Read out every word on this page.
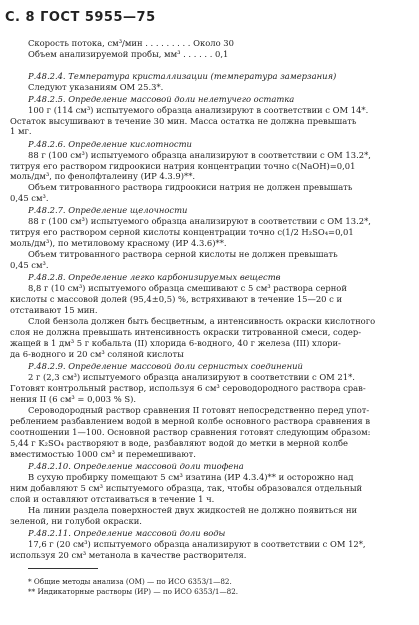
С. 8 ГОСТ 5955—75
Скорость потока, см³/мин . . . . . . . . . Около 30
Объем анализируемой пробы, мм³ . . . . . . 0,1
Р.48.2.4. Температура кристаллизации (температура замерзания)
Следуют указаниям ОМ 25.3*.
Р.48.2.5. Определение массовой доли нелетучего остатка
100 г (114 см³) испытуемого образца анализируют в соответствии с ОМ 14*.
Остаток высушивают в течение 30 мин. Масса остатка не должна превышать
1 мг.
Р.48.2.6. Определение кислотности
88 г (100 см³) испытуемого образца анализируют в соответствии с ОМ 13.2*,
титруя его раствором гидроокиси натрия концентрации точно c(NaOH)=0,01
моль/дм³, по фенолфталеину (ИР 4.3.9)**.
Объем титрованного раствора гидроокиси натрия не должен превышать
0,45 см³.
Р.48.2.7. Определение щелочности
88 г (100 см³) испытуемого образца анализируют в соответствии с ОМ 13.2*,
титруя его раствором серной кислоты концентрации точно c(1/2 H₂SO₄=0,01
моль/дм³), по метиловому красному (ИР 4.3.6)**.
Объем титрованного раствора серной кислоты не должен превышать
0,45 см³.
Р.48.2.8. Определение легко карбонизируемых веществ
8,8 г (10 см³) испытуемого образца смешивают с 5 см³ раствора серной
кислоты с массовой долей (95,4±0,5) %, встряхивают в течение 15—20 с и
отстаивают 15 мин.
Слой бензола должен быть бесцветным, а интенсивность окраски кислотного
слоя не должна превышать интенсивность окраски титрованной смеси, содер-
жащей в 1 дм³ 5 г кобальта (II) хлорида 6-водного, 40 г железа (III) хлори-
да 6-водного и 20 см³ соляной кислоты
Р.48.2.9. Определение массовой доли сернистых соединений
2 г (2,3 см³) испытуемого образца анализируют в соответствии с ОМ 21*.
Готовят контрольный раствор, используя 6 см³ сероводородного раствора срав-
нения II (6 см³ = 0,003 % S).
Сероводородный раствор сравнения II готовят непосредственно перед упот-
реблением разбавлением водой в мерной колбе основного раствора сравнения в
соотношении 1—100. Основной раствор сравнения готовят следующим образом:
5,44 г K₂SO₄ растворяют в воде, разбавляют водой до метки в мерной колбе
вместимостью 1000 см³ и перемешивают.
Р.48.2.10. Определение массовой доли тиофена
В сухую пробирку помещают 5 см³ изатина (ИР 4.3.4)** и осторожно над
ним добавляют 5 см³ испытуемого образца, так, чтобы образовался отдельный
слой и оставляют отстаиваться в течение 1 ч.
На линии раздела поверхностей двух жидкостей не должно появиться ни
зеленой, ни голубой окраски.
Р.48.2.11. Определение массовой доли воды
17,6 г (20 см³) испытуемого образца анализируют в соответствии с ОМ 12*,
используя 20 см³ метанола в качестве растворителя.
* Общие методы анализа (ОМ) — по ИСО 6353/1—82.
** Индикаторные растворы (ИР) — по ИСО 6353/1—82.
